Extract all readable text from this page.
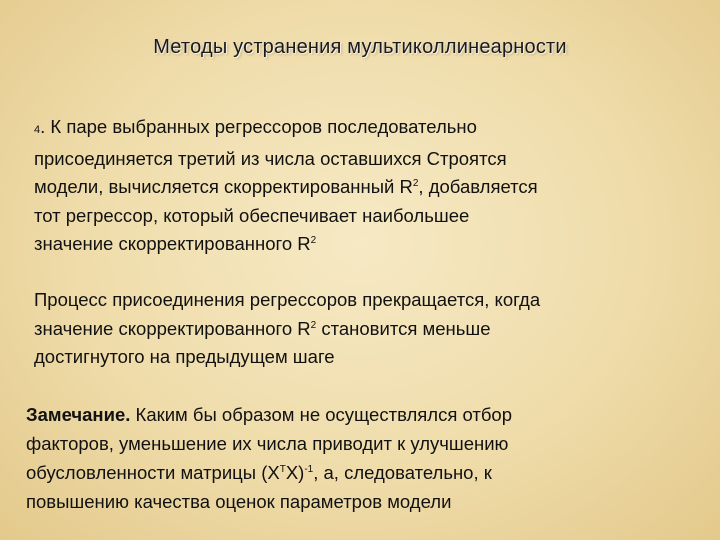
Методы устранения мультиколлинеарности
4. К паре выбранных регрессоров последовательно
присоединяется третий из числа оставшихся Строятся
модели, вычисляется скорректированный $R^2$, добавляется
тот регрессор, который обеспечивает наибольшее
значение скорректированного $R^2$
Процесс присоединения регрессоров прекращается, когда
значение скорректированного $R^2$ становится меньше
достигнутого на предыдущем шаге
Замечание. Каким бы образом не осуществлялся отбор
факторов, уменьшение их числа приводит к улучшению
обусловленности матрицы $(X^TX)^{-1}$, а, следовательно, к
повышению качества оценок параметров модели
